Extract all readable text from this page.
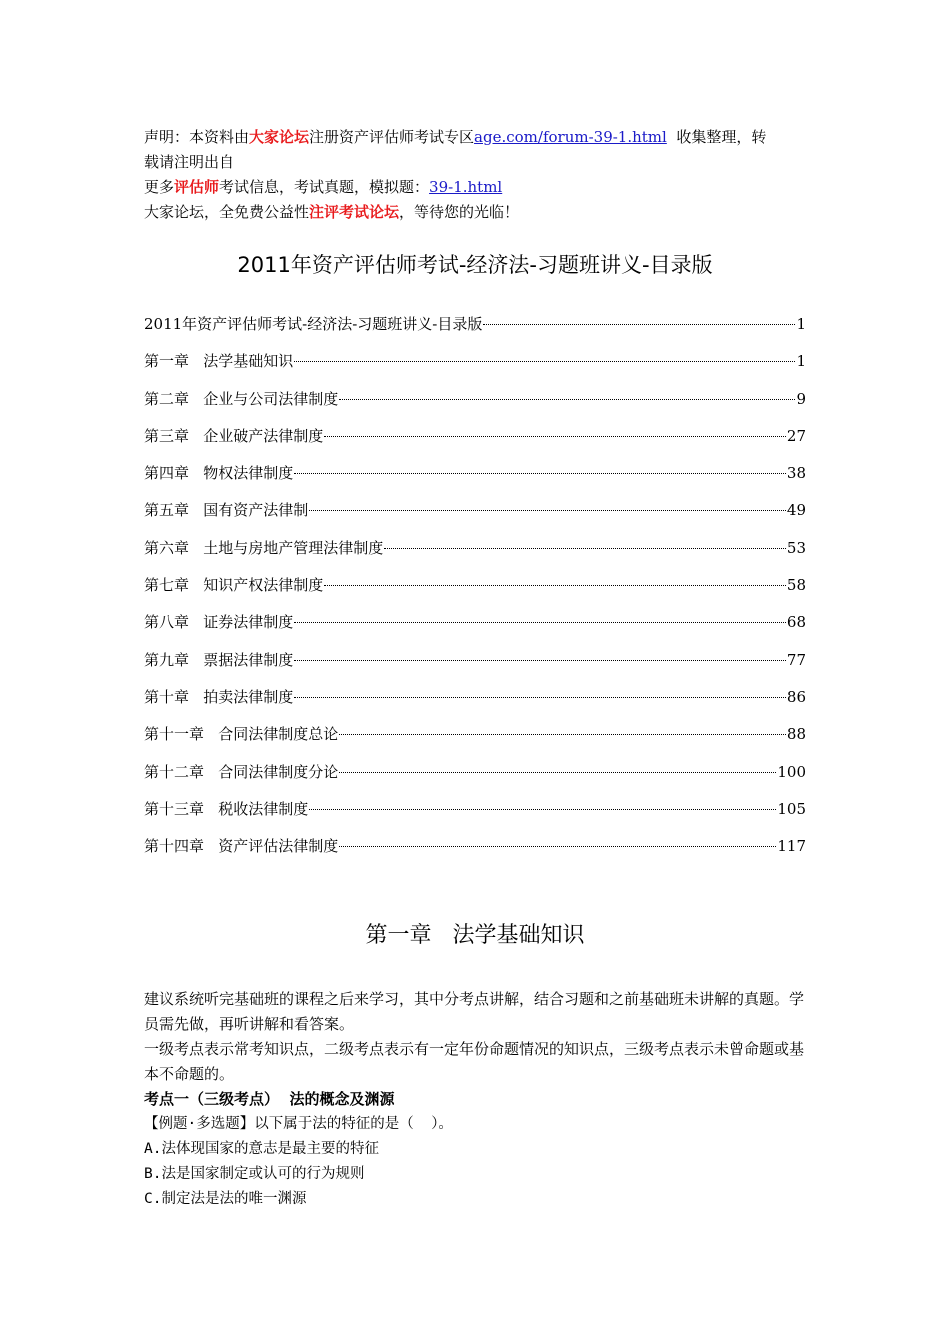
声明：本资料由大家论坛注册资产评估师考试专区age.com/forum-39-1.html  收集整理，转

载请注明出自

更多评估师考试信息，考试真题，模拟题：39-1.html

大家论坛，全免费公益性注评考试论坛，等待您的光临！

2011年资产评估师考试-经济法-习题班讲义-目录版
2011年资产评估师考试-经济法-习题班讲义-目录版	1
第一章   法学基础知识	1
第二章   企业与公司法律制度	9
第三章   企业破产法律制度	27
第四章   物权法律制度	38
第五章   国有资产法律制	49
第六章   土地与房地产管理法律制度	53
第七章   知识产权法律制度	58
第八章   证券法律制度	68
第九章   票据法律制度	77
第十章   拍卖法律制度	86
第十一章   合同法律制度总论	88
第十二章   合同法律制度分论	100
第十三章   税收法律制度	105
第十四章   资产评估法律制度	117
第一章   法学基础知识

建议系统听完基础班的课程之后来学习，其中分考点讲解，结合习题和之前基础班未讲解的真题。学员需先做，再听讲解和看答案。

一级考点表示常考知识点，二级考点表示有一定年份命题情况的知识点，三级考点表示未曾命题或基本不命题的。

考点一（三级考点）  法的概念及渊源

【例题·多选题】以下属于法的特征的是（  ）。

A.法体现国家的意志是最主要的特征

B.法是国家制定或认可的行为规则

C.制定法是法的唯一渊源
